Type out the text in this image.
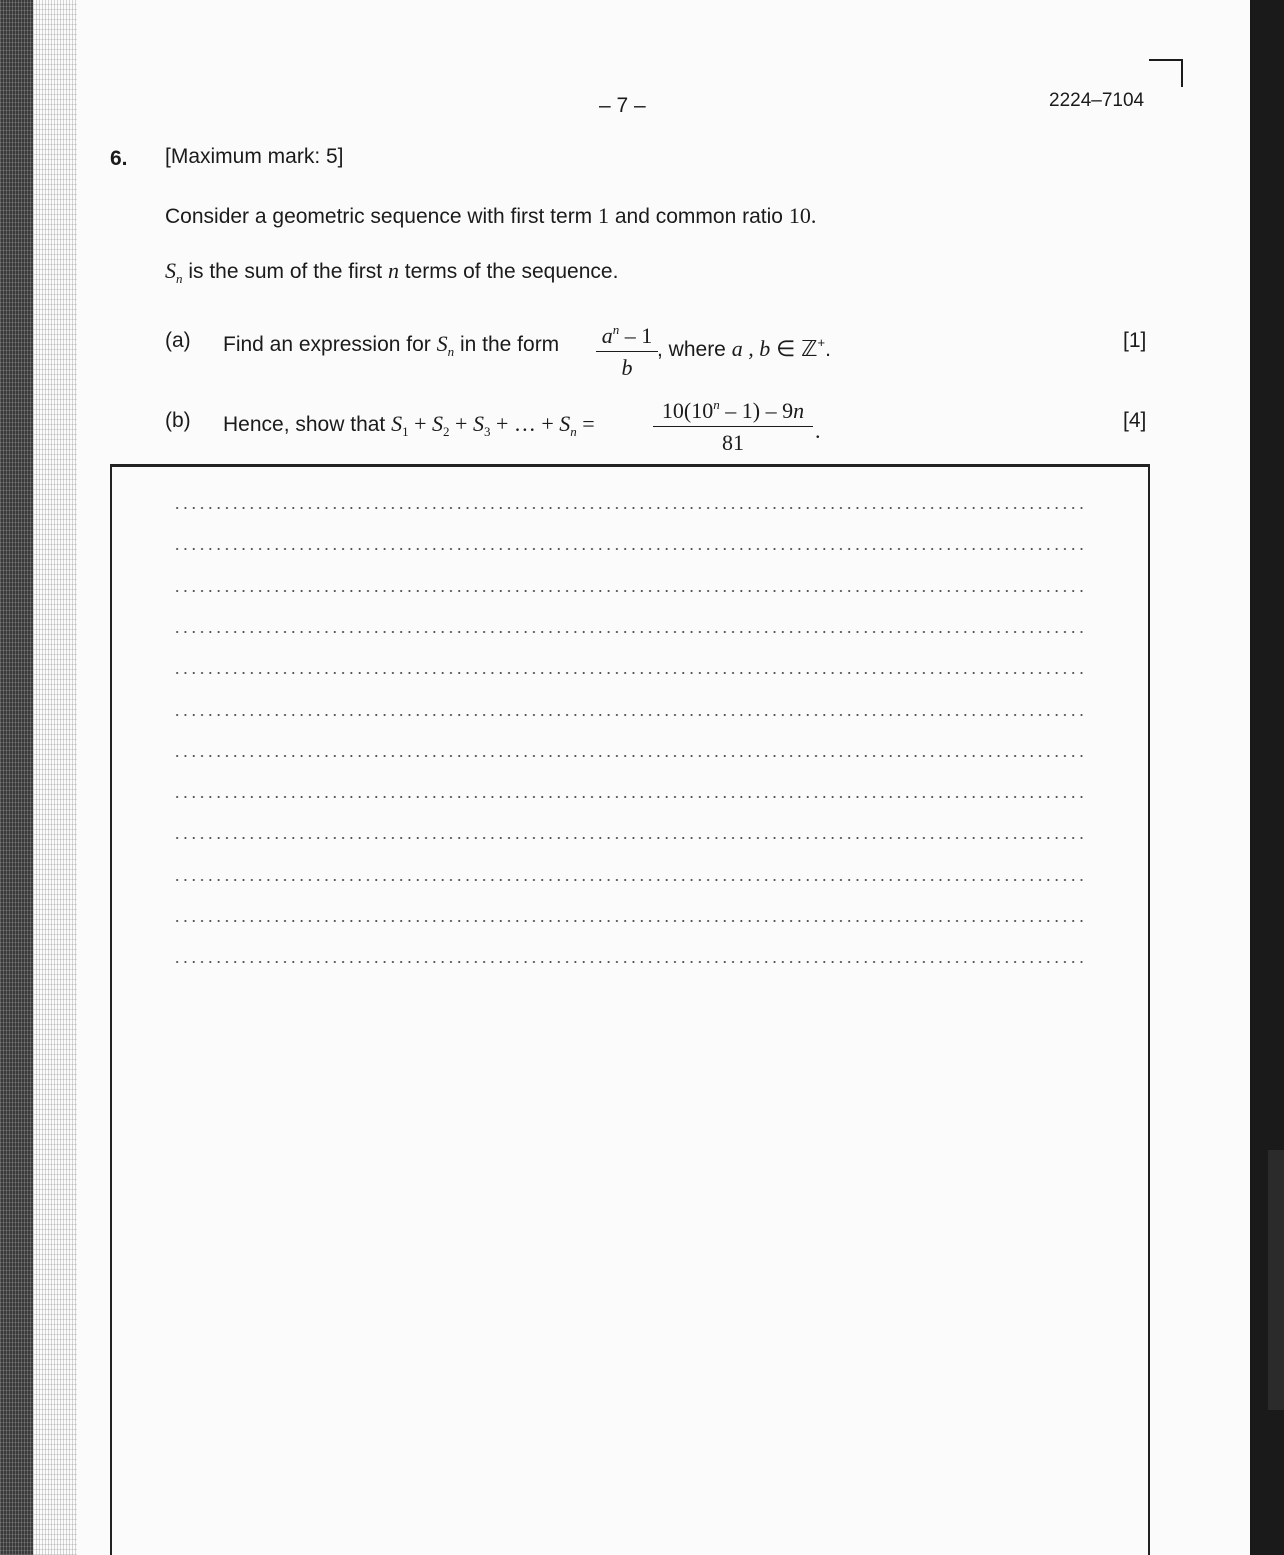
– 7 –	2224–7104
6. [Maximum mark: 5]
Consider a geometric sequence with first term 1 and common ratio 10.
$S_n$ is the sum of the first n terms of the sequence.
(a) Find an expression for $S_n$ in the form $a^n - 1$
b
, where a , b ∈ ℤ+.	[1]
(b) Hence, show that $S_1 + S_2 + S_3$ + … + $S_n$ =
$10(10^n - 1) - 9n$
81	.	[4]
